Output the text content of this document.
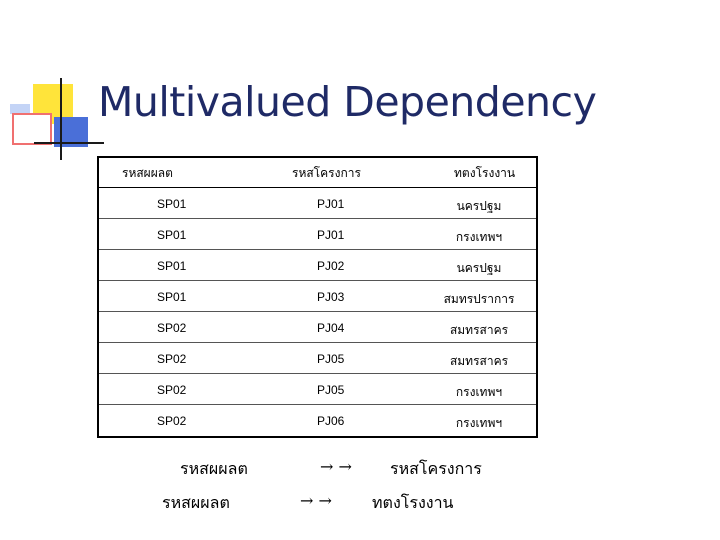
Multivalued Dependency
รหสผผลต	รหสโครงการ	ทตงโรงงาน
SP01	PJ01	นครปฐม
SP01	PJ01	กรงเทพฯ
SP01	PJ02	นครปฐม
SP01	PJ03	สมทรปราการ
SP02	PJ04	สมทรสาคร
SP02	PJ05	สมทรสาคร
SP02	PJ05	กรงเทพฯ
SP02	PJ06	กรงเทพฯ
รหสผผลต	→ → รหสโครงการ
รหสผผลต	→ →	ทตงโรงงาน
